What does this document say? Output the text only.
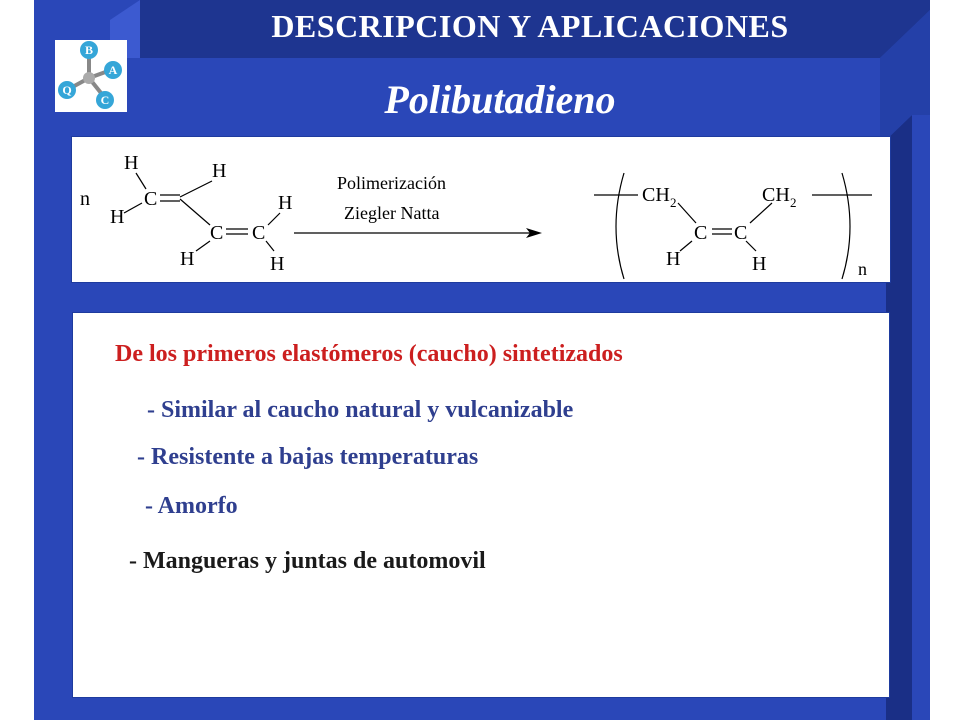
B
A
C
Q
DESCRIPCION Y APLICACIONES
Polibutadieno
n
H
H
C
H
C C
H
H	H
Polimerización
Ziegler Natta
CH 2	CH 2
C C
H	H	n
De los primeros elastómeros (caucho) sintetizados
- Similar al caucho natural y vulcanizable
- Resistente a bajas temperaturas
- Amorfo
- Mangueras y juntas de automovil
